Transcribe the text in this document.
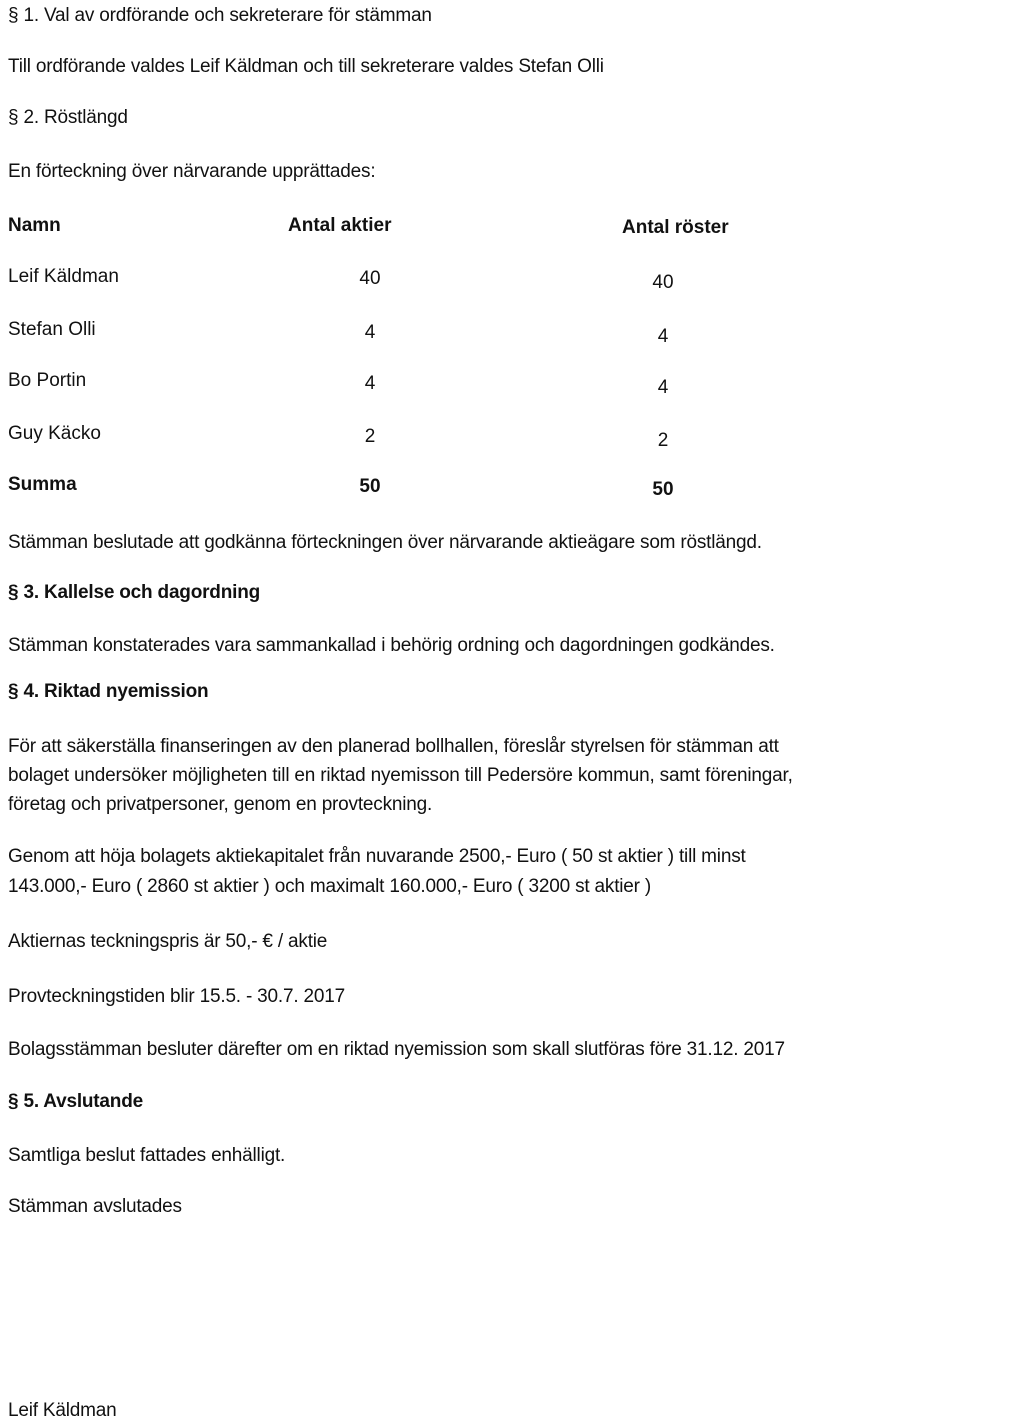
§ 1. Val av ordförande och sekreterare för stämman
Till ordförande valdes Leif Käldman och till sekreterare valdes Stefan Olli
§ 2. Röstlängd
En förteckning över närvarande upprättades:
Namn	Antal aktier	Antal röster
Leif Käldman	40	40
Stefan Olli	4	4
Bo Portin	4	4
Guy Käcko	2	2
Summa	50	50
Stämman beslutade att godkänna förteckningen över närvarande aktieägare som röstlängd.
§ 3. Kallelse och dagordning
Stämman konstaterades vara sammankallad i behörig ordning och dagordningen godkändes.
§ 4. Riktad nyemission
För att säkerställa finanseringen av den planerad bollhallen, föreslår styrelsen för stämman att
bolaget undersöker möjligheten till en riktad nyemisson till Pedersöre kommun, samt föreningar,
företag och privatpersoner, genom en provteckning.
Genom att höja bolagets aktiekapitalet från nuvarande 2500,- Euro ( 50 st aktier ) till minst
143.000,- Euro ( 2860 st aktier ) och maximalt 160.000,- Euro ( 3200 st aktier )
Aktiernas teckningspris är 50,- € / aktie
Provteckningstiden blir 15.5. - 30.7. 2017
Bolagsstämman besluter därefter om en riktad nyemission som skall slutföras före 31.12. 2017
§ 5. Avslutande
Samtliga beslut fattades enhälligt.
Stämman avslutades
Leif Käldman
